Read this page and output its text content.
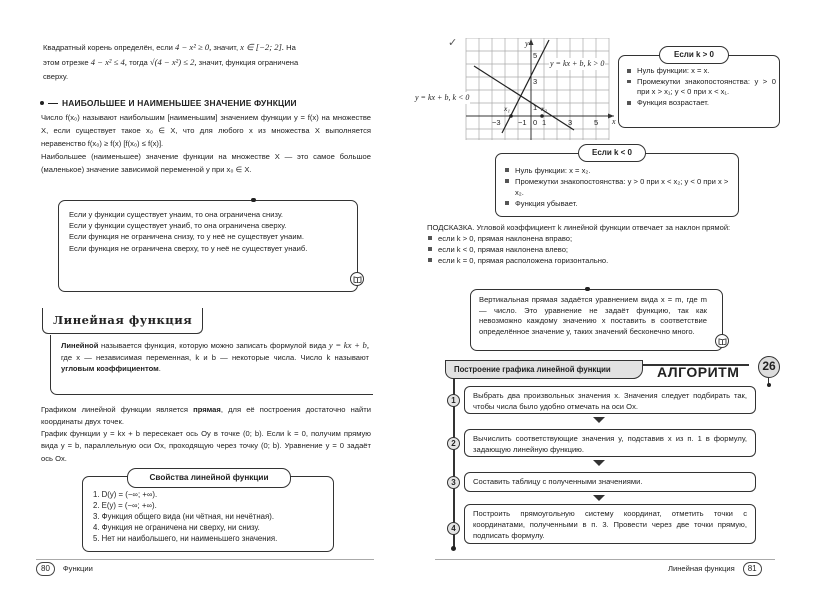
Квадратный корень определён, если 4 − x² ≥ 0, значит, x ∈ [−2; 2]. На
этом отрезке 4 − x² ≤ 4, тогда √(4 − x²) ≤ 2, значит, функция ограничена
сверху.
НАИБОЛЬШЕЕ И НАИМЕНЬШЕЕ ЗНАЧЕНИЕ ФУНКЦИИ
Число f(x₀) называют наибольшим [наименьшим] значением функции y = f(x) на множестве X, если существует такое x₀ ∈ X, что для любого x из множества X выполняется неравенство f(x₀) ≥ f(x) [f(x₀) ≤ f(x)].
Наибольшее (наименьшее) значение функции на множестве X — это самое большое (маленькое) значение зависимой переменной y при x₀ ∈ X.
Если у функции существует yнаим, то она ограничена снизу.
Если у функции существует yнаиб, то она ограничена сверху.
Если функция не ограничена снизу, то у неё не существует yнаим.
Если функция не ограничена сверху, то у неё не существует yнаиб.
Линейная функция
Линейной называется функция, которую можно записать формулой вида y = kx + b, где x — независимая переменная, k и b — некоторые числа. Число k называют угловым коэффициентом.
Графиком линейной функции является прямая, для её построения достаточно найти координаты двух точек.
График функции y = kx + b пересекает ось Oy в точке (0; b). Если k = 0, получим прямую вида y = b, параллельную оси Ox, проходящую через точку (0; b). Уравнение y = 0 задаёт ось Ox.
Свойства линейной функции
1. D(y) = (−∞; +∞).
2. E(y) = (−∞; +∞).
3. Функция общего вида (ни чётная, ни нечётная).
4. Функция не ограничена ни сверху, ни снизу.
5. Нет ни наибольшего, ни наименьшего значения.
80	Функции
✓	y
x
5
3
1
−3 −1 0 1	3	5
x₁	x₂
y = kx + b, k > 0
y = kx + b, k < 0
Если k > 0
Нуль функции: x = x.
Промежутки знакопостоянства: y > 0 при x > x₁; y < 0 при x < x₁.
Функция возрастает.
Если k < 0
Нуль функции: x = x₂.
Промежутки знакопостоянства: y > 0 при x < x₂; y < 0 при x > x₂.
Функция убывает.
ПОДСКАЗКА. Угловой коэффициент k линейной функции отвечает за наклон прямой:
если k > 0, прямая наклонена вправо;
если k < 0, прямая наклонена влево;
если k = 0, прямая расположена горизонтально.
Вертикальная прямая задаётся уравнением вида x = m, где m — число. Это уравнение не задаёт функцию, так как невозможно каждому значению x поставить в соответствие определённое значение y, таких значений бесконечно много.
Построение графика линейной функции	АЛГОРИТМ	26
1
Выбрать два произвольных значения x. Значения следует подбирать так, чтобы числа было удобно отмечать на оси Ox.
2
Вычислить соответствующие значения y, подставив x из п. 1 в формулу, задающую линейную функцию.
3	Составить таблицу с полученными значениями.
4
Построить прямоугольную систему координат, отметить точки с координатами, полученными в п. 3. Провести через две точки прямую, подписать формулу.
Линейная функция	81
